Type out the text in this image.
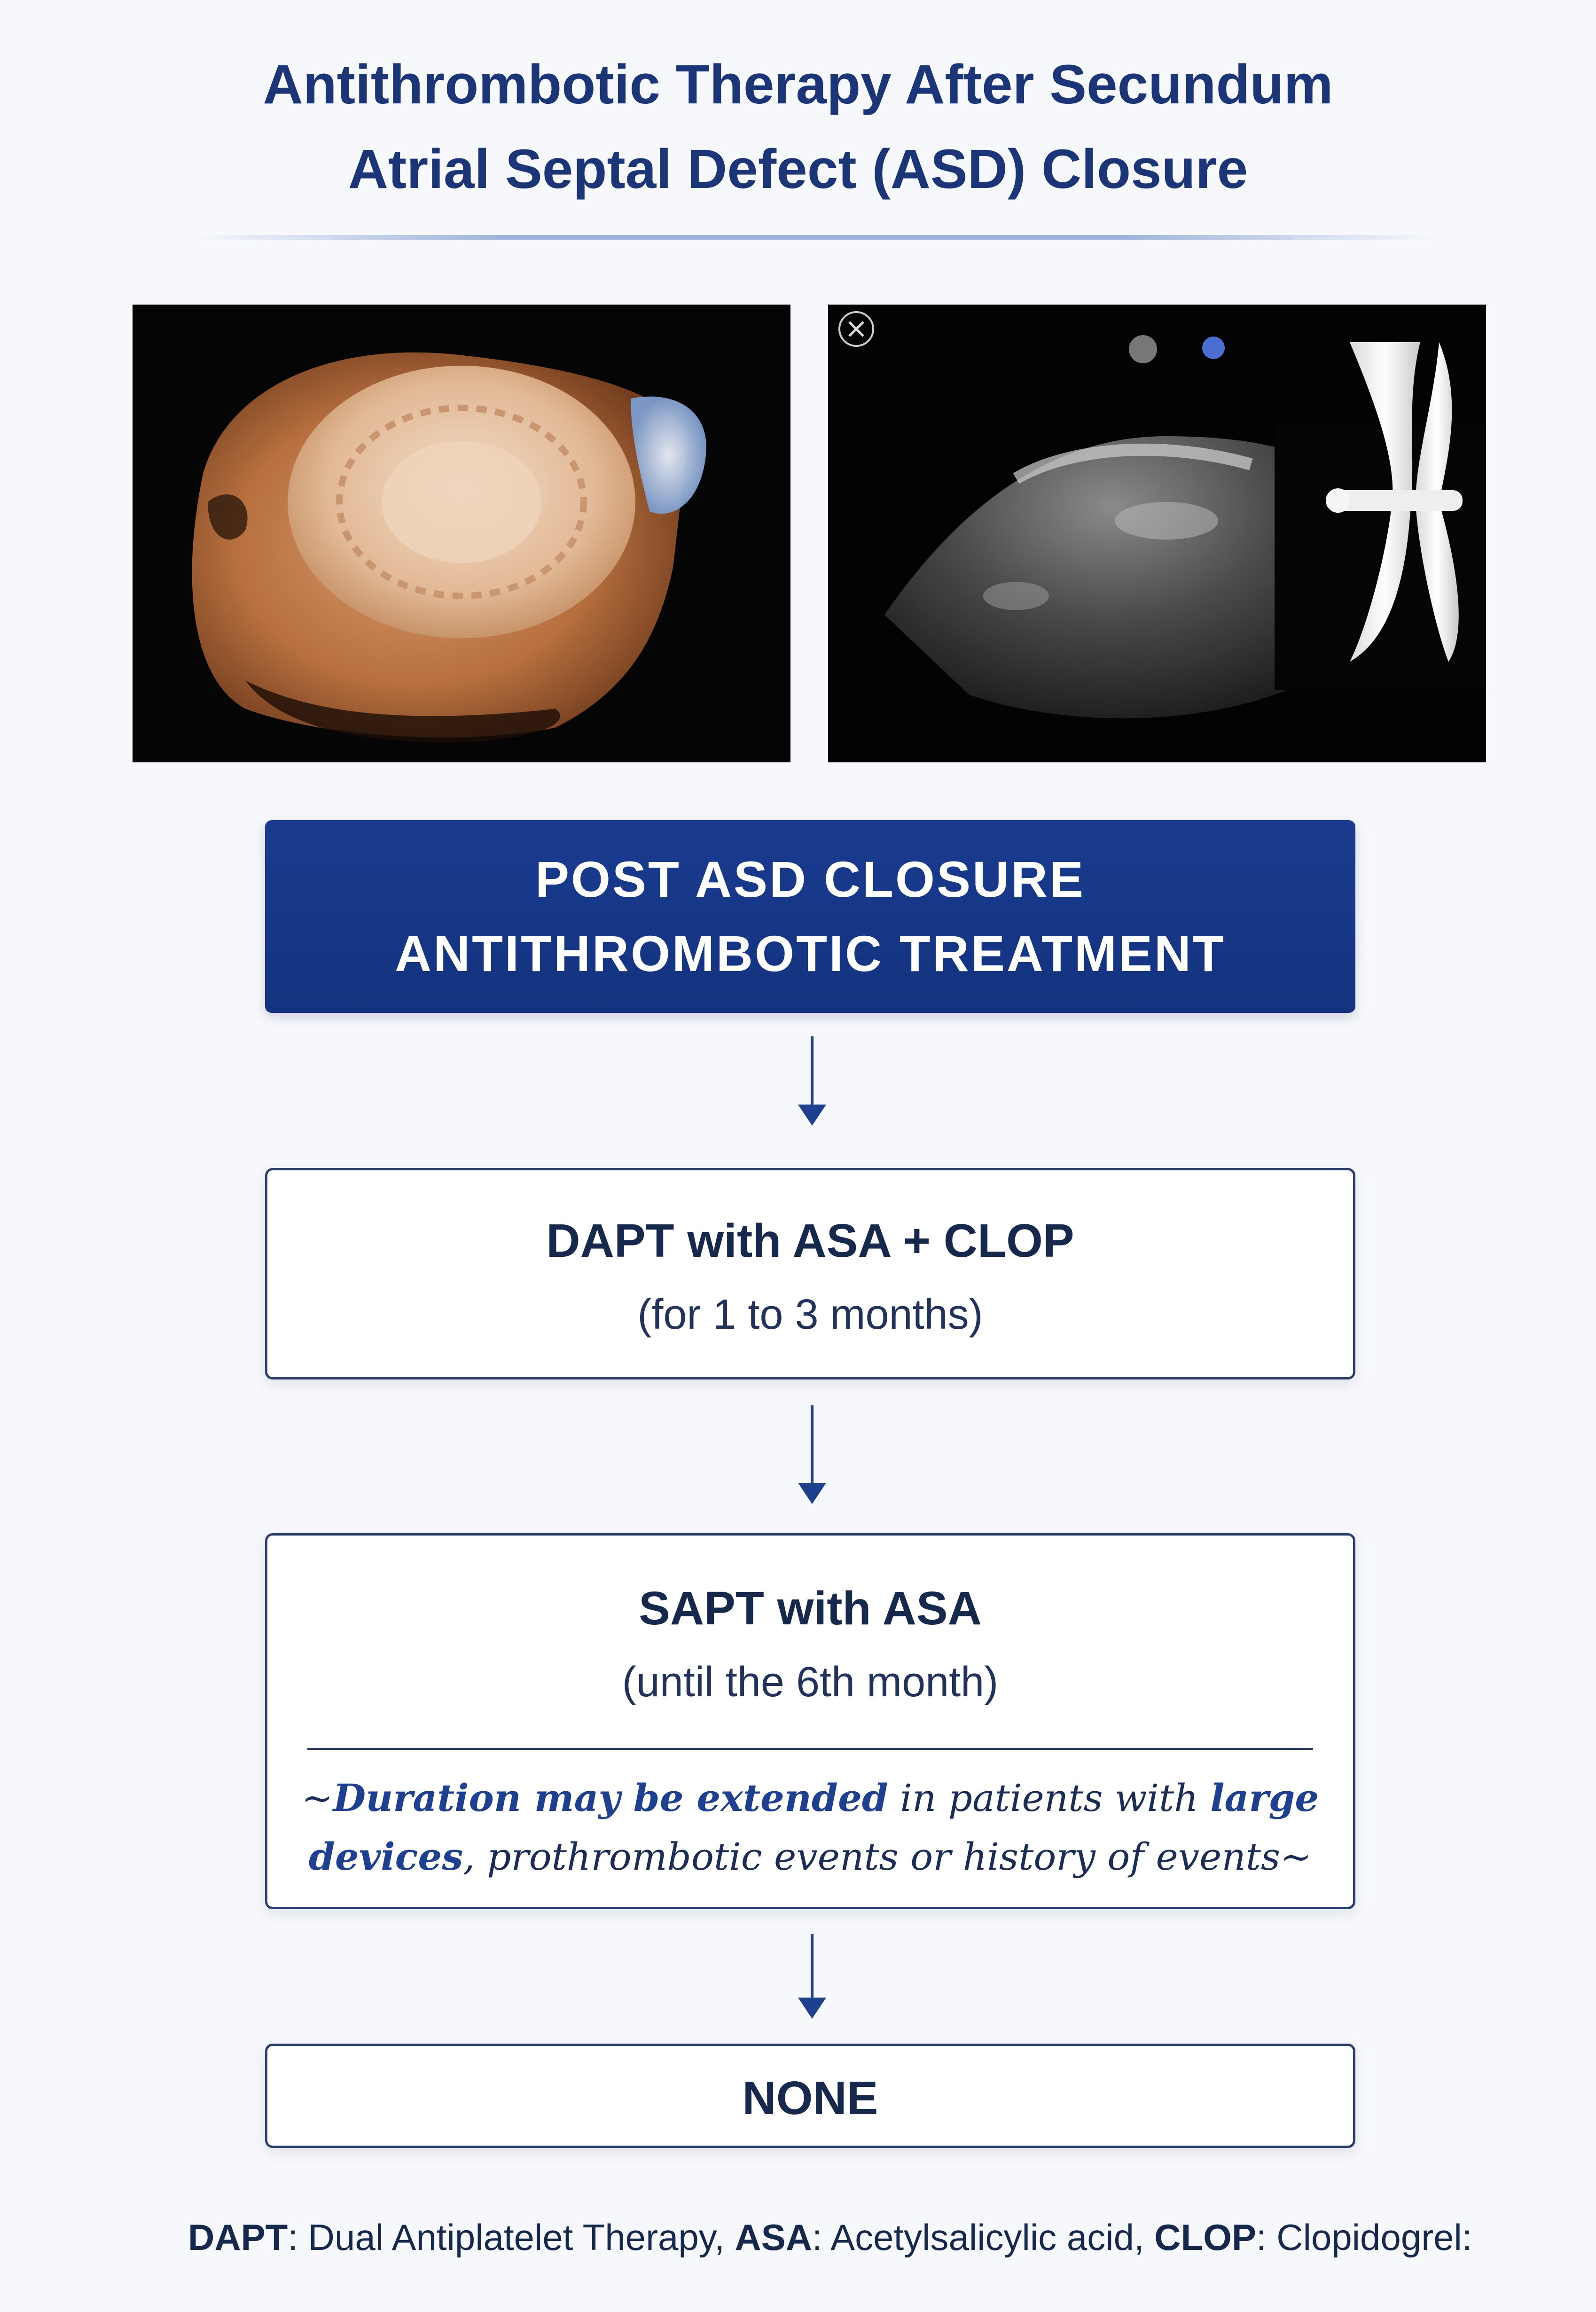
Antithrombotic Therapy After Secundum
Atrial Septal Defect (ASD) Closure
POST ASD CLOSURE
ANTITHROMBOTIC TREATMENT
DAPT with ASA + CLOP
(for 1 to 3 months)
SAPT with ASA
(until the 6th month)
~Duration may be extended in patients with large devices, prothrombotic events or history of events~
NONE
DAPT: Dual Antiplatelet Therapy, ASA: Acetylsalicylic acid, CLOP: Clopidogrel:
